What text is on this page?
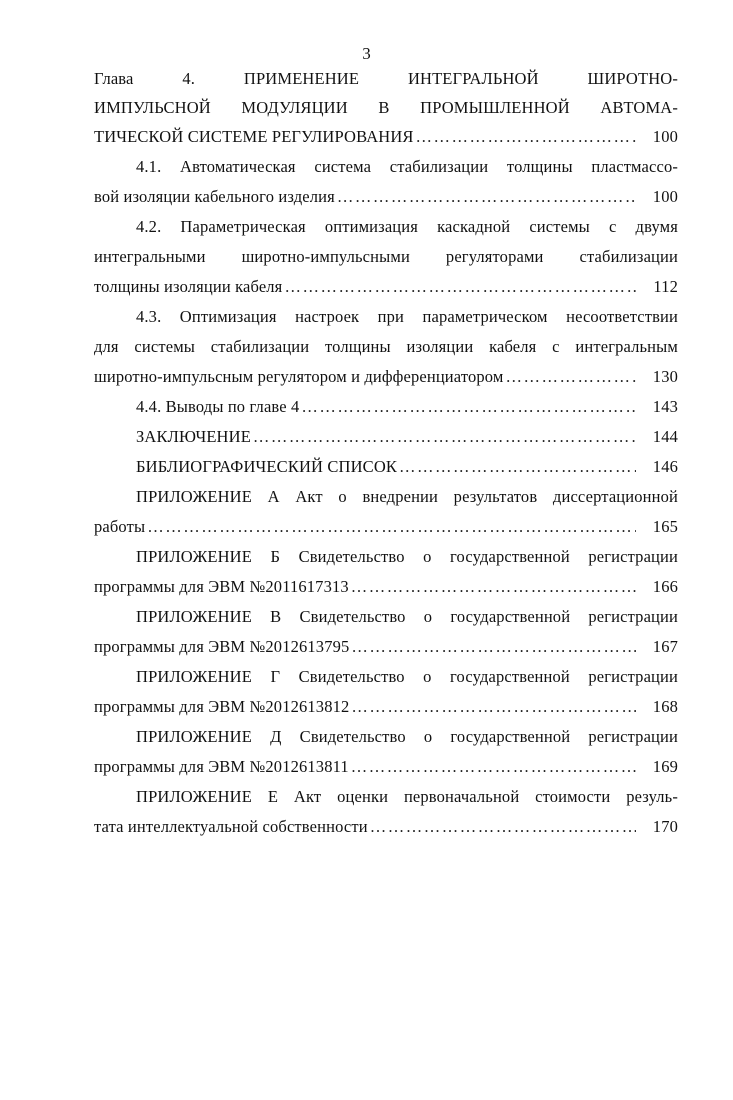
3
Глава 4. ПРИМЕНЕНИЕ ИНТЕГРАЛЬНОЙ ШИРОТНО-
ИМПУЛЬСНОЙ МОДУЛЯЦИИ В ПРОМЫШЛЕННОЙ АВТОМА-
ТИЧЕСКОЙ СИСТЕМЕ РЕГУЛИРОВАНИЯ …………………………………………………………………………………………………………………………………………………………	100
4.1. Автоматическая система стабилизации толщины пластмассо-
вой изоляции кабельного изделия …………………………………………………………………………………………………………………………………………………………	100
4.2. Параметрическая оптимизация каскадной системы с двумя
интегральными широтно-импульсными регуляторами стабилизации
толщины изоляции кабеля …………………………………………………………………………………………………………………………………………………………	112
4.3. Оптимизация настроек при параметрическом несоответствии
для системы стабилизации толщины изоляции кабеля с интегральным
широтно-импульсным регулятором и дифференциатором …………………………………………………………………………………………………………………………………………………………	130
4.4. Выводы по главе 4 …………………………………………………………………………………………………………………………………………………………	143
ЗАКЛЮЧЕНИЕ …………………………………………………………………………………………………………………………………………………………	144
БИБЛИОГРАФИЧЕСКИЙ СПИСОК …………………………………………………………………………………………………………………………………………………………	146
ПРИЛОЖЕНИЕ А Акт о внедрении результатов диссертационной
работы …………………………………………………………………………………………………………………………………………………………	165
ПРИЛОЖЕНИЕ Б Свидетельство о государственной регистрации
программы для ЭВМ №2011617313 …………………………………………………………………………………………………………………………………………………………	166
ПРИЛОЖЕНИЕ В Свидетельство о государственной регистрации
программы для ЭВМ №2012613795 …………………………………………………………………………………………………………………………………………………………	167
ПРИЛОЖЕНИЕ Г Свидетельство о государственной регистрации
программы для ЭВМ №2012613812 …………………………………………………………………………………………………………………………………………………………	168
ПРИЛОЖЕНИЕ Д Свидетельство о государственной регистрации
программы для ЭВМ №2012613811 …………………………………………………………………………………………………………………………………………………………	169
ПРИЛОЖЕНИЕ Е Акт оценки первоначальной стоимости резуль-
тата интеллектуальной собственности …………………………………………………………………………………………………………………………………………………………	170
